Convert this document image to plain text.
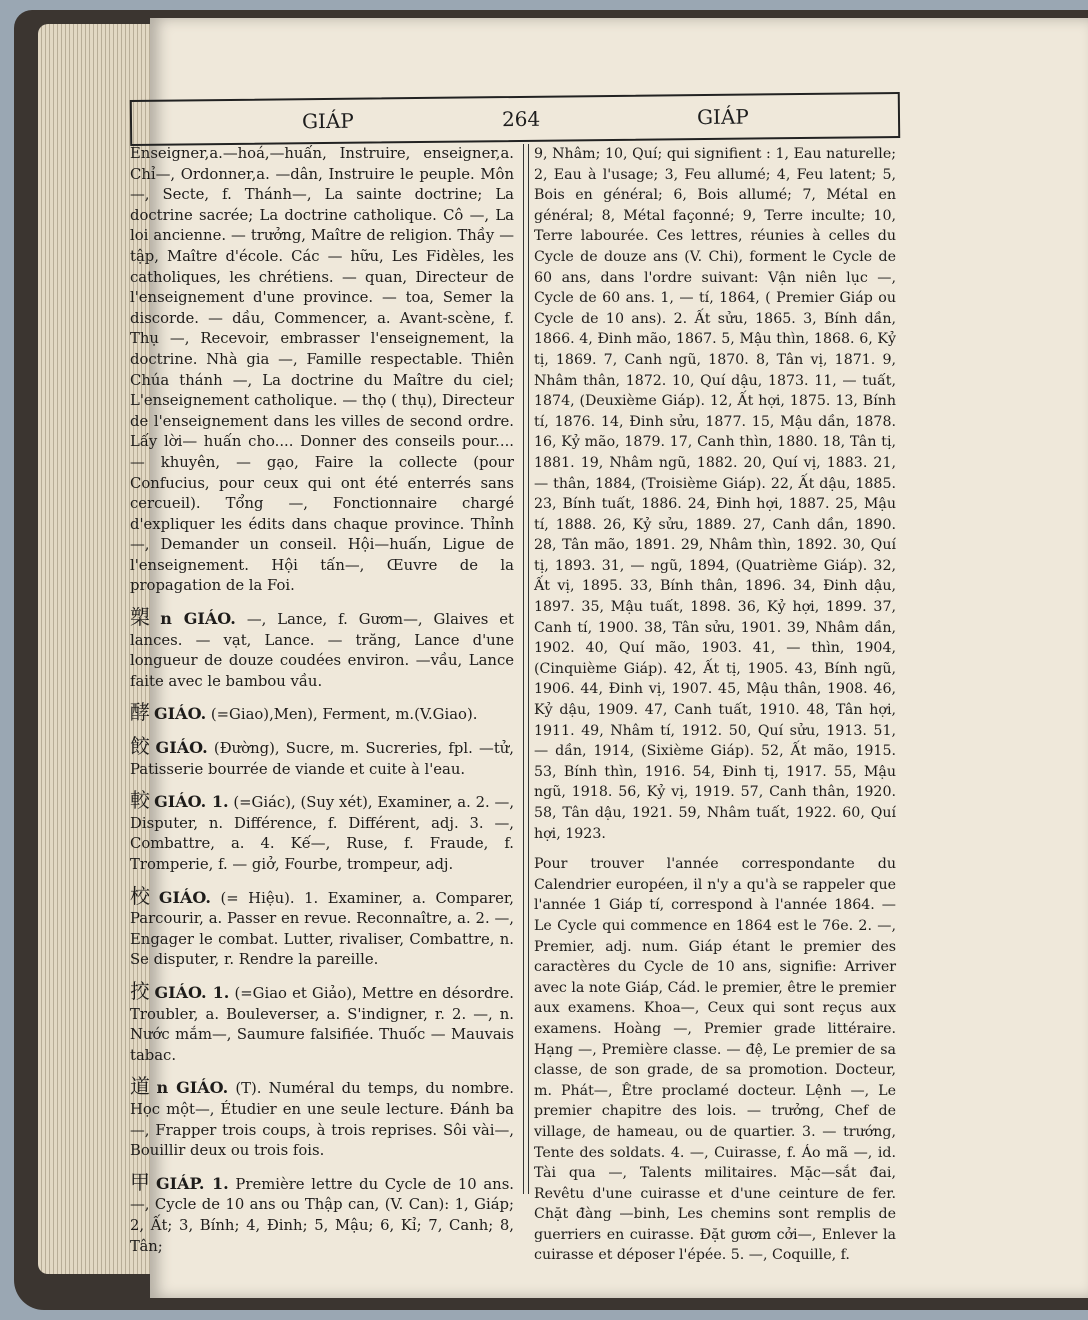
GIÁP	264	GIÁP

Enseigner,a.—hoá,—huấn, Instruire, enseigner,a. Chỉ—, Ordonner,a. —dân, Instruire le peuple. Môn —, Secte, f. Thánh—, La sainte doctrine; La doctrine sacrée; La doctrine catholique. Cô —, La loi ancienne. — trưởng, Maître de religion. Thầy — tập, Maître d'école. Các — hữu, Les Fidèles, les catholiques, les chrétiens. — quan, Directeur de l'enseignement d'une province. — toa, Semer la discorde. — dầu, Commencer, a. Avant-scène, f. Thụ —, Recevoir, embrasser l'enseignement, la doctrine. Nhà gia —, Famille respectable. Thiên Chúa thánh —, La doctrine du Maître du ciel; L'enseignement catholique. — thọ ( thụ), Directeur de l'enseignement dans les villes de second ordre. Lấy lời— huấn cho.... Donner des conseils pour.... — khuyên, — gạo, Faire la collecte (pour Confucius, pour ceux qui ont été enterrés sans cercueil). Tổng —, Fonctionnaire chargé d'expliquer les édits dans chaque province. Thỉnh—, Demander un conseil. Hội—huấn, Ligue de l'enseignement. Hội tấn—, Œuvre de la propagation de la Foi.

槊 n GIÁO. —, Lance, f. Gươm—, Glaives et lances. — vạt, Lance. — trăng, Lance d'une longueur de douze coudées environ. —vầu, Lance faite avec le bambou vầu.

酵 GIÁO. (=Giao),Men), Ferment, m.(V.Giao).

餃 GIÁO. (Đường), Sucre, m. Sucreries, fpl. —tử, Patisserie bourrée de viande et cuite à l'eau.

較 GIÁO. 1. (=Giác), (Suy xét), Examiner, a. 2. —, Disputer, n. Différence, f. Différent, adj. 3. —, Combattre, a. 4. Kế—, Ruse, f. Fraude, f. Tromperie, f. — giở, Fourbe, trompeur, adj.

校 GIÁO. (= Hiệu). 1. Examiner, a. Comparer, Parcourir, a. Passer en revue. Reconnaître, a. 2. —, Engager le combat. Lutter, rivaliser, Combattre, n. Se disputer, r. Rendre la pareille.

挍 GIÁO. 1. (=Giao et Giảo), Mettre en désordre. Troubler, a. Bouleverser, a. S'indigner, r. 2. —, n. Nước mắm—, Saumure falsifiée. Thuốc — Mauvais tabac.

道 n GIÁO. (T). Numéral du temps, du nombre. Học một—, Étudier en une seule lecture. Đánh ba—, Frapper trois coups, à trois reprises. Sôi vài—, Bouillir deux ou trois fois.

甲 GIÁP. 1. Première lettre du Cycle de 10 ans. —, Cycle de 10 ans ou Thập can, (V. Can): 1, Giáp; 2, Ất; 3, Bính; 4, Đinh; 5, Mậu; 6, Kỉ; 7, Canh; 8, Tân;

9, Nhâm; 10, Quí; qui signifient : 1, Eau naturelle; 2, Eau à l'usage; 3, Feu allumé; 4, Feu latent; 5, Bois en général; 6, Bois allumé; 7, Métal en général; 8, Métal façonné; 9, Terre inculte; 10, Terre labourée. Ces lettres, réunies à celles du Cycle de douze ans (V. Chi), forment le Cycle de 60 ans, dans l'ordre suivant: Vận niên lục —, Cycle de 60 ans. 1, — tí, 1864, ( Premier Giáp ou Cycle de 10 ans). 2. Ất sửu, 1865. 3, Bính dần, 1866. 4, Đinh mão, 1867. 5, Mậu thìn, 1868. 6, Kỷ tị, 1869. 7, Canh ngũ, 1870. 8, Tân vị, 1871. 9, Nhâm thân, 1872. 10, Quí dậu, 1873. 11, — tuất, 1874, (Deuxième Giáp). 12, Ất hợi, 1875. 13, Bính tí, 1876. 14, Đinh sửu, 1877. 15, Mậu dần, 1878. 16, Kỷ mão, 1879. 17, Canh thìn, 1880. 18, Tân tị, 1881. 19, Nhâm ngũ, 1882. 20, Quí vị, 1883. 21, — thân, 1884, (Troisième Giáp). 22, Ất dậu, 1885. 23, Bính tuất, 1886. 24, Đinh hợi, 1887. 25, Mậu tí, 1888. 26, Kỷ sửu, 1889. 27, Canh dần, 1890. 28, Tân mão, 1891. 29, Nhâm thìn, 1892. 30, Quí tị, 1893. 31, — ngũ, 1894, (Quatrième Giáp). 32, Ất vị, 1895. 33, Bính thân, 1896. 34, Đinh dậu, 1897. 35, Mậu tuất, 1898. 36, Kỷ hợi, 1899. 37, Canh tí, 1900. 38, Tân sửu, 1901. 39, Nhâm dần, 1902. 40, Quí mão, 1903. 41, — thìn, 1904, (Cinquième Giáp). 42, Ất tị, 1905. 43, Bính ngũ, 1906. 44, Đinh vị, 1907. 45, Mậu thân, 1908. 46, Kỷ dậu, 1909. 47, Canh tuất, 1910. 48, Tân hợi, 1911. 49, Nhâm tí, 1912. 50, Quí sửu, 1913. 51, — dần, 1914, (Sixième Giáp). 52, Ất mão, 1915. 53, Bính thìn, 1916. 54, Đinh tị, 1917. 55, Mậu ngũ, 1918. 56, Kỷ vị, 1919. 57, Canh thân, 1920. 58, Tân dậu, 1921. 59, Nhâm tuất, 1922. 60, Quí hợi, 1923.

Pour trouver l'année correspondante du Calendrier européen, il n'y a qu'à se rappeler que l'année 1 Giáp tí, correspond à l'année 1864. — Le Cycle qui commence en 1864 est le 76e. 2. —, Premier, adj. num. Giáp étant le premier des caractères du Cycle de 10 ans, signifie: Arriver avec la note Giáp, Cád. le premier, être le premier aux examens. Khoa—, Ceux qui sont reçus aux examens. Hoàng —, Premier grade littéraire. Hạng —, Première classe. — đệ, Le premier de sa classe, de son grade, de sa promotion. Docteur, m. Phát—, Être proclamé docteur. Lệnh —, Le premier chapitre des lois. — trưởng, Chef de village, de hameau, ou de quartier. 3. — trướng, Tente des soldats. 4. —, Cuirasse, f. Áo mã —, id. Tài qua —, Talents militaires. Mặc—sắt đai, Revêtu d'une cuirasse et d'une ceinture de fer. Chặt đàng —binh, Les chemins sont remplis de guerriers en cuirasse. Đặt gươm cởi—, Enlever la cuirasse et déposer l'épée. 5. —, Coquille, f.
